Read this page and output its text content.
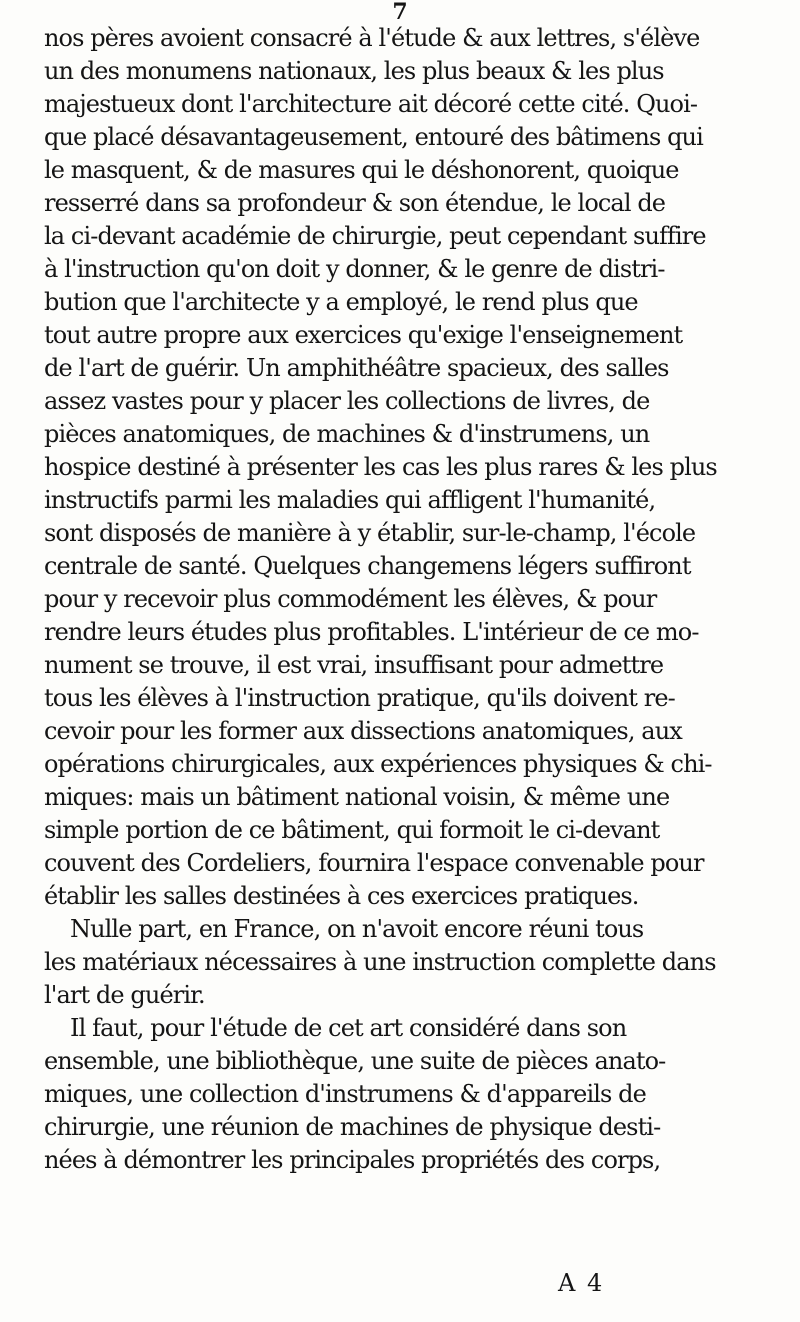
7
nos pères avoient consacré à l'étude & aux lettres, s'élève
un des monumens nationaux, les plus beaux & les plus
majestueux dont l'architecture ait décoré cette cité. Quoi-
que placé désavantageusement, entouré des bâtimens qui
le masquent, & de masures qui le déshonorent, quoique
resserré dans sa profondeur & son étendue, le local de
la ci-devant académie de chirurgie, peut cependant suffire
à l'instruction qu'on doit y donner, & le genre de distri-
bution que l'architecte y a employé, le rend plus que
tout autre propre aux exercices qu'exige l'enseignement
de l'art de guérir. Un amphithéâtre spacieux, des salles
assez vastes pour y placer les collections de livres, de
pièces anatomiques, de machines & d'instrumens, un
hospice destiné à présenter les cas les plus rares & les plus
instructifs parmi les maladies qui affligent l'humanité,
sont disposés de manière à y établir, sur-le-champ, l'école
centrale de santé. Quelques changemens légers suffiront
pour y recevoir plus commodément les élèves, & pour
rendre leurs études plus profitables. L'intérieur de ce mo-
nument se trouve, il est vrai, insuffisant pour admettre
tous les élèves à l'instruction pratique, qu'ils doivent re-
cevoir pour les former aux dissections anatomiques, aux
opérations chirurgicales, aux expériences physiques & chi-
miques: mais un bâtiment national voisin, & même une
simple portion de ce bâtiment, qui formoit le ci-devant
couvent des Cordeliers, fournira l'espace convenable pour
établir les salles destinées à ces exercices pratiques.
Nulle part, en France, on n'avoit encore réuni tous
les matériaux nécessaires à une instruction complette dans
l'art de guérir.
Il faut, pour l'étude de cet art considéré dans son
ensemble, une bibliothèque, une suite de pièces anato-
miques, une collection d'instrumens & d'appareils de
chirurgie, une réunion de machines de physique desti-
nées à démontrer les principales propriétés des corps,
A 4
